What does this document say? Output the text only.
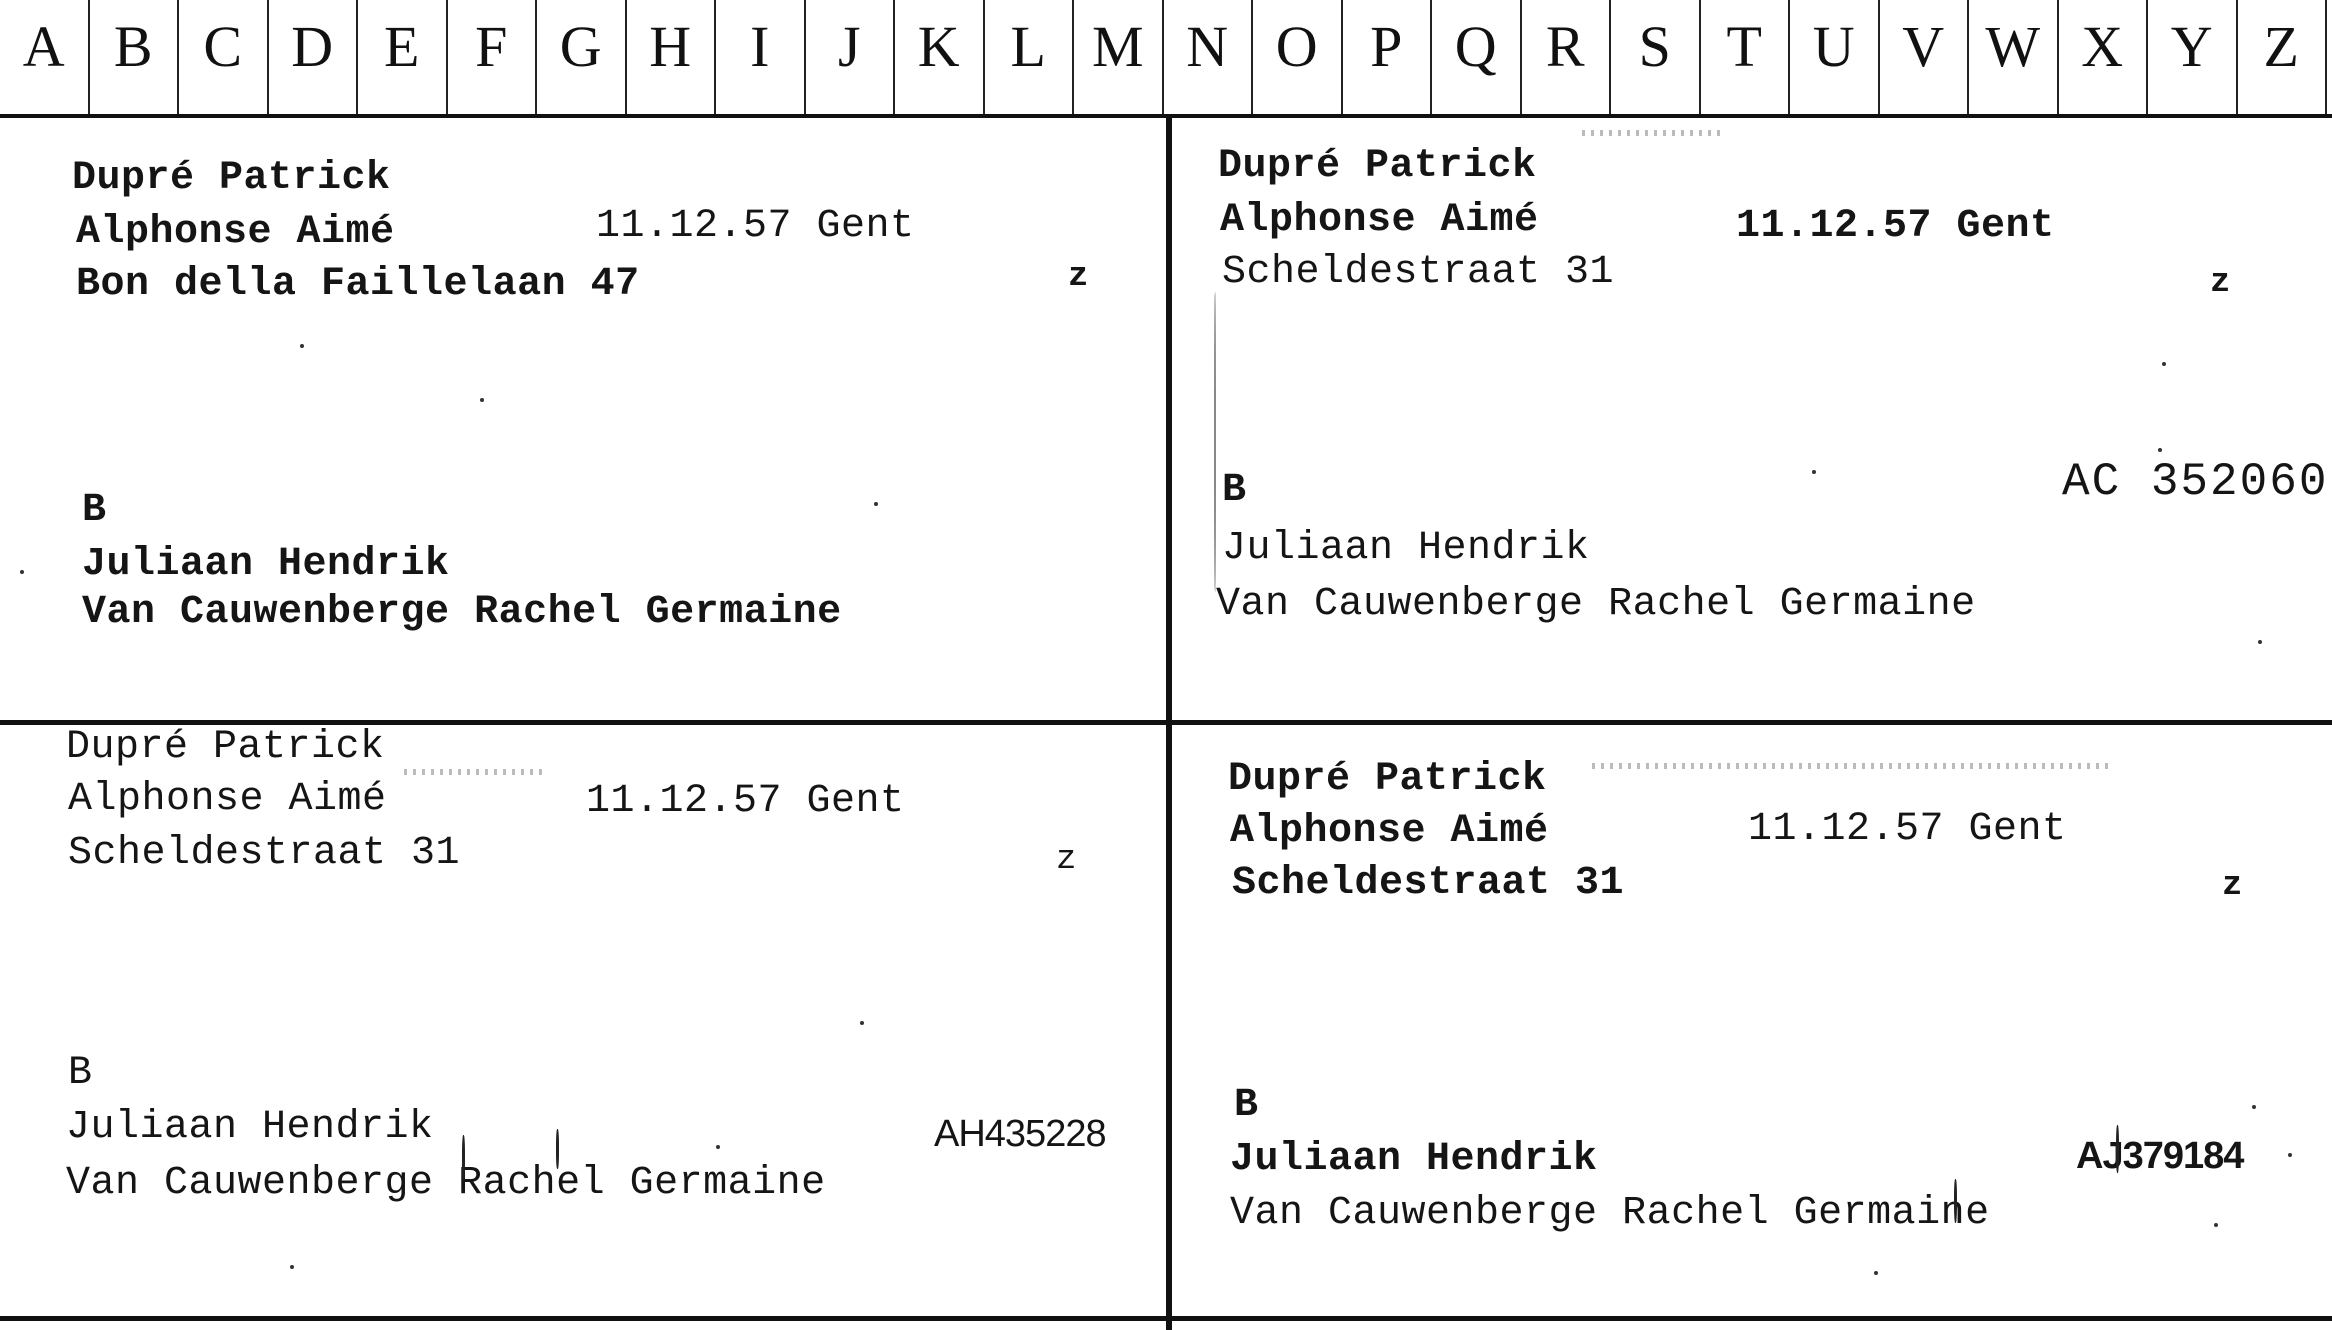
A B C D E F G H	I	J K L M N O P Q R S T U V W X Y Z
Dupré Patrick
Alphonse Aimé	11.12.57 Gent
Bon della Faillelaan 47	z
B
Juliaan Hendrik
Van Cauwenberge Rachel Germaine
Dupré Patrick
Alphonse Aimé	11.12.57 Gent
Scheldestraat 31	z
AC 352060
B
Juliaan Hendrik
Van Cauwenberge Rachel Germaine
Dupré Patrick
Alphonse Aimé	11.12.57 Gent
Scheldestraat 31	z
B
Juliaan Hendrik	AH435228
Van Cauwenberge Rachel Germaine
Dupré Patrick
Alphonse Aimé	11.12.57 Gent
Scheldestraat 31	z
B
Juliaan Hendrik	AJ379184
Van Cauwenberge Rachel Germaine
